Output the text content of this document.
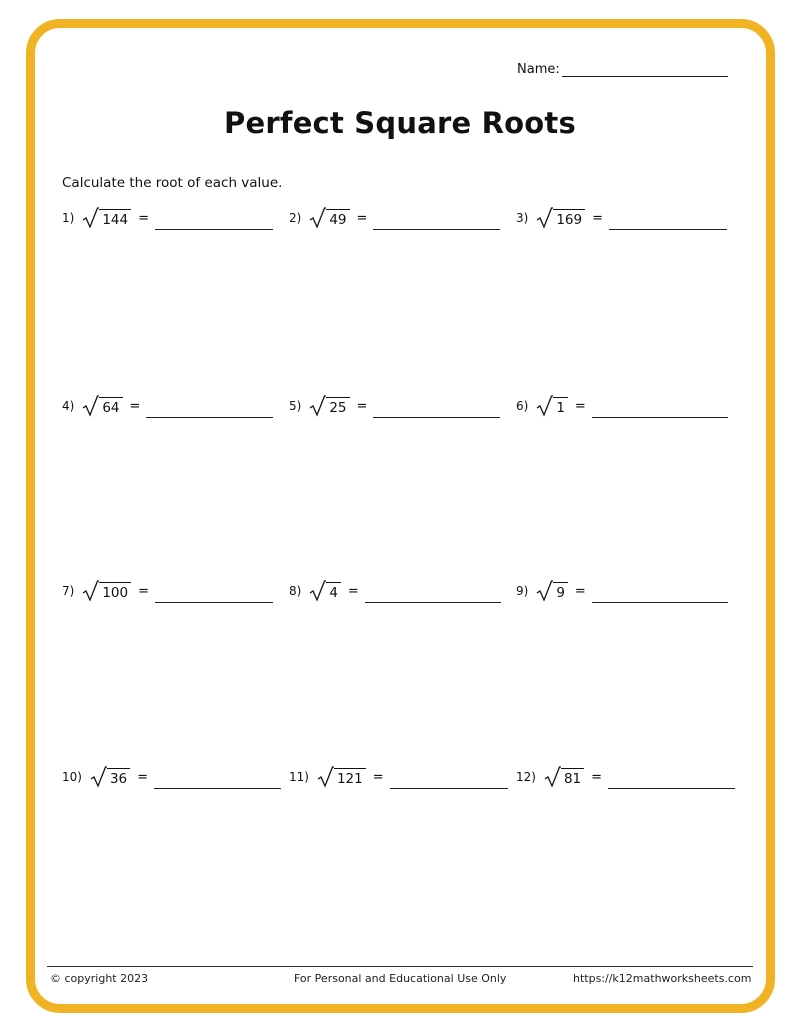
Name:
Perfect Square Roots
Calculate the root of each value.
1) 144 =	2) 49 =	3) 169 =
4) 64 =	5) 25 =	6) 1 =
7) 100 =	8) 4 =	9) 9 =
10) 36 =	11) 121 =	12) 81 =
© copyright 2023	For Personal and Educational Use Only	https://k12mathworksheets.com
